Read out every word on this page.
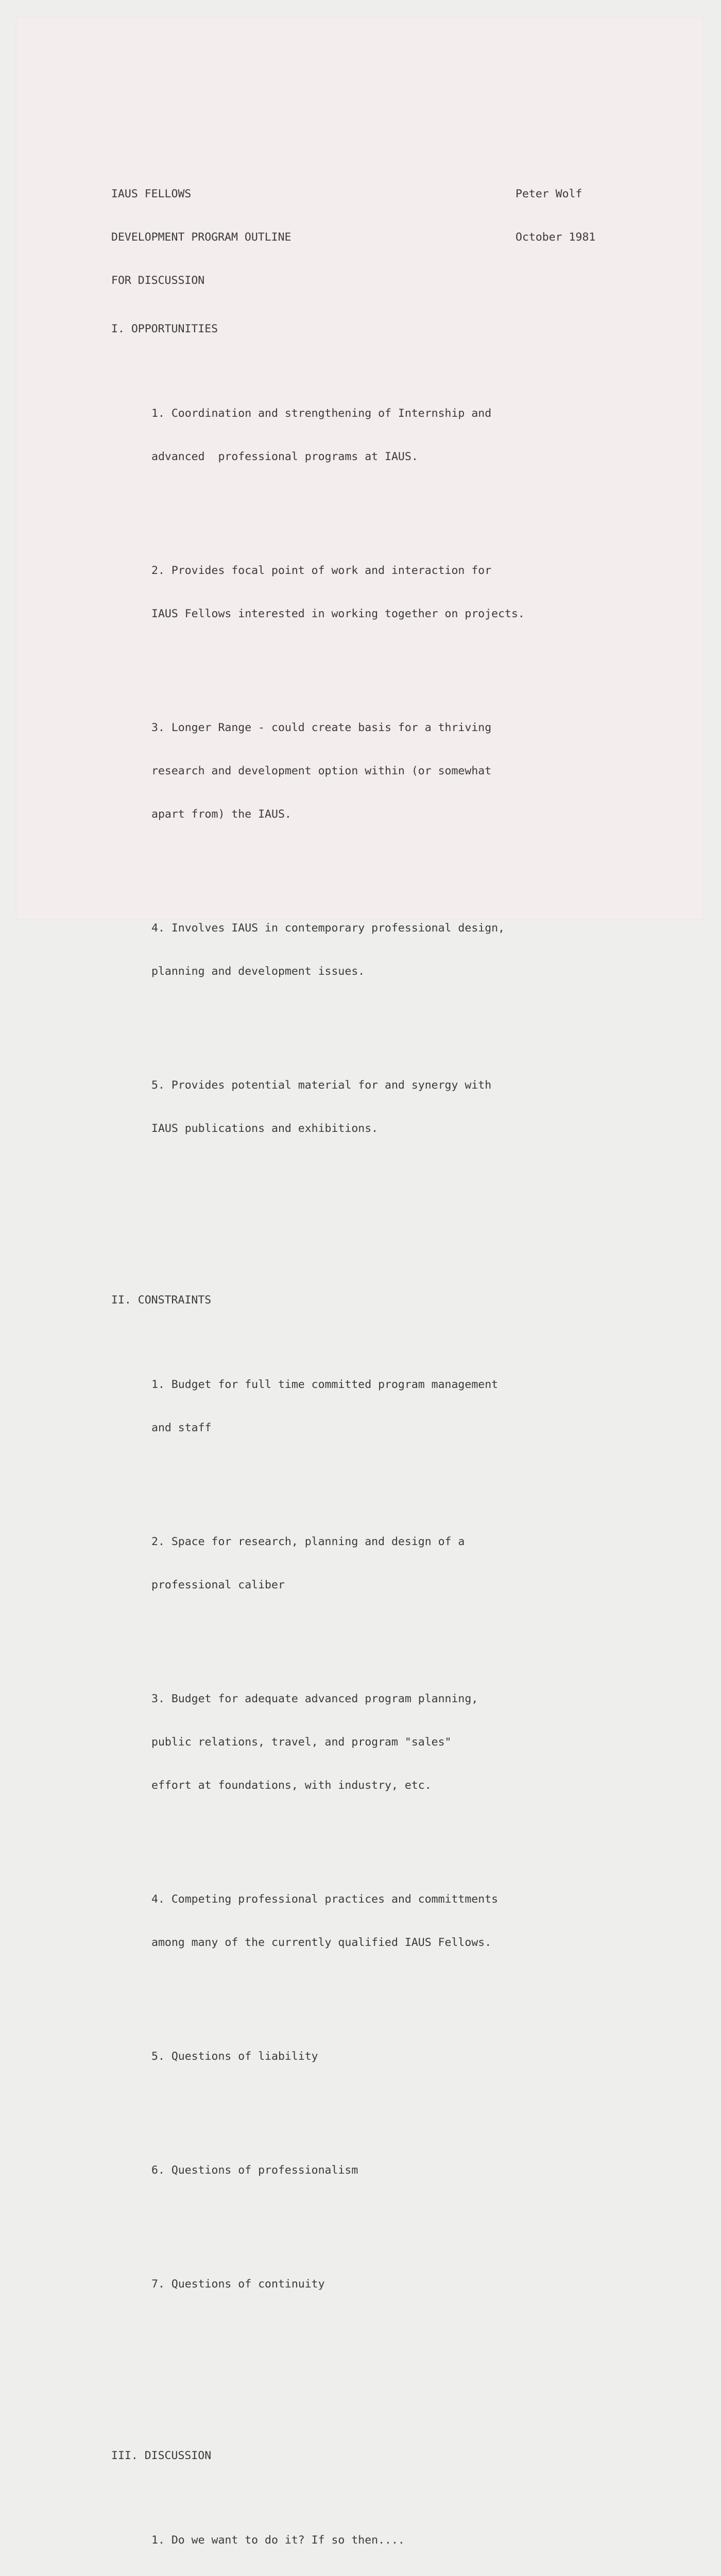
IAUS FELLOWS

DEVELOPMENT PROGRAM OUTLINE

FOR DISCUSSION

Peter Wolf

October 1981

I. OPPORTUNITIES

1. Coordination and strengthening of Internship and

advanced  professional programs at IAUS.

2. Provides focal point of work and interaction for

IAUS Fellows interested in working together on projects.

3. Longer Range - could create basis for a thriving

research and development option within (or somewhat

apart from) the IAUS.

4. Involves IAUS in contemporary professional design,

planning and development issues.

5. Provides potential material for and synergy with

IAUS publications and exhibitions.

II. CONSTRAINTS

1. Budget for full time committed program management

and staff

2. Space for research, planning and design of a

professional caliber

3. Budget for adequate advanced program planning,

public relations, travel, and program "sales"

effort at foundations, with industry, etc.

4. Competing professional practices and committments

among many of the currently qualified IAUS Fellows.

5. Questions of liability

6. Questions of professionalism

7. Questions of continuity

III. DISCUSSION

1. Do we want to do it? If so then....
